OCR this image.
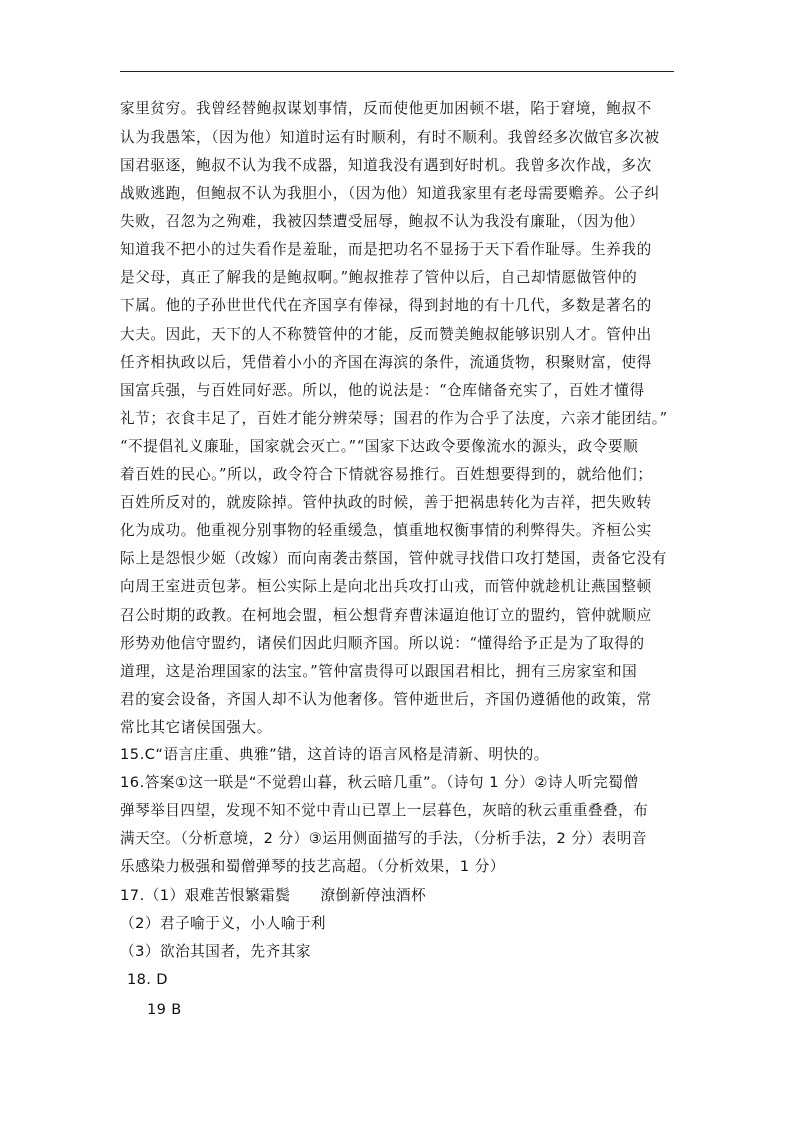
家里贫穷。我曾经替鲍叔谋划事情，反而使他更加困顿不堪，陷于窘境，鲍叔不
认为我愚笨，（因为他）知道时运有时顺利，有时不顺利。我曾经多次做官多次被
国君驱逐，鲍叔不认为我不成器，知道我没有遇到好时机。我曾多次作战，多次
战败逃跑，但鲍叔不认为我胆小，（因为他）知道我家里有老母需要赡养。公子纠
失败，召忽为之殉难，我被囚禁遭受屈辱，鲍叔不认为我没有廉耻，（因为他）
知道我不把小的过失看作是羞耻，而是把功名不显扬于天下看作耻辱。生养我的
是父母，真正了解我的是鲍叔啊。”鲍叔推荐了管仲以后，自己却情愿做管仲的
下属。他的子孙世世代代在齐国享有俸禄，得到封地的有十几代，多数是著名的
大夫。因此，天下的人不称赞管仲的才能，反而赞美鲍叔能够识别人才。管仲出
任齐相执政以后，凭借着小小的齐国在海滨的条件，流通货物，积聚财富，使得
国富兵强，与百姓同好恶。所以，他的说法是：“仓库储备充实了，百姓才懂得
礼节；衣食丰足了，百姓才能分辨荣辱；国君的作为合乎了法度，六亲才能团结。”
“不提倡礼义廉耻，国家就会灭亡。”“国家下达政令要像流水的源头，政令要顺
着百姓的民心。”所以，政令符合下情就容易推行。百姓想要得到的，就给他们；
百姓所反对的，就废除掉。管仲执政的时候，善于把祸患转化为吉祥，把失败转
化为成功。他重视分别事物的轻重缓急，慎重地权衡事情的利弊得失。齐桓公实
际上是怨恨少姬（改嫁）而向南袭击蔡国，管仲就寻找借口攻打楚国，责备它没有
向周王室进贡包茅。桓公实际上是向北出兵攻打山戎，而管仲就趁机让燕国整顿
召公时期的政教。在柯地会盟，桓公想背弃曹沫逼迫他订立的盟约，管仲就顺应
形势劝他信守盟约，诸侯们因此归顺齐国。所以说：“懂得给予正是为了取得的
道理，这是治理国家的法宝。”管仲富贵得可以跟国君相比，拥有三房家室和国
君的宴会设备，齐国人却不认为他奢侈。管仲逝世后，齐国仍遵循他的政策，常
常比其它诸侯国强大。
15.C“语言庄重、典雅”错，这首诗的语言风格是清新、明快的。
16.答案①这一联是“不觉碧山暮，秋云暗几重”。（诗句 1 分）②诗人听完蜀僧
弹琴举目四望，发现不知不觉中青山已罩上一层暮色，灰暗的秋云重重叠叠，布
满天空。（分析意境，2 分）③运用侧面描写的手法，（分析手法，2 分）表明音
乐感染力极强和蜀僧弹琴的技艺高超。（分析效果，1 分）
17.（1）艰难苦恨繁霜鬓　　潦倒新停浊酒杯
（2）君子喻于义，小人喻于利
（3）欲治其国者，先齐其家
18. D
19 B
